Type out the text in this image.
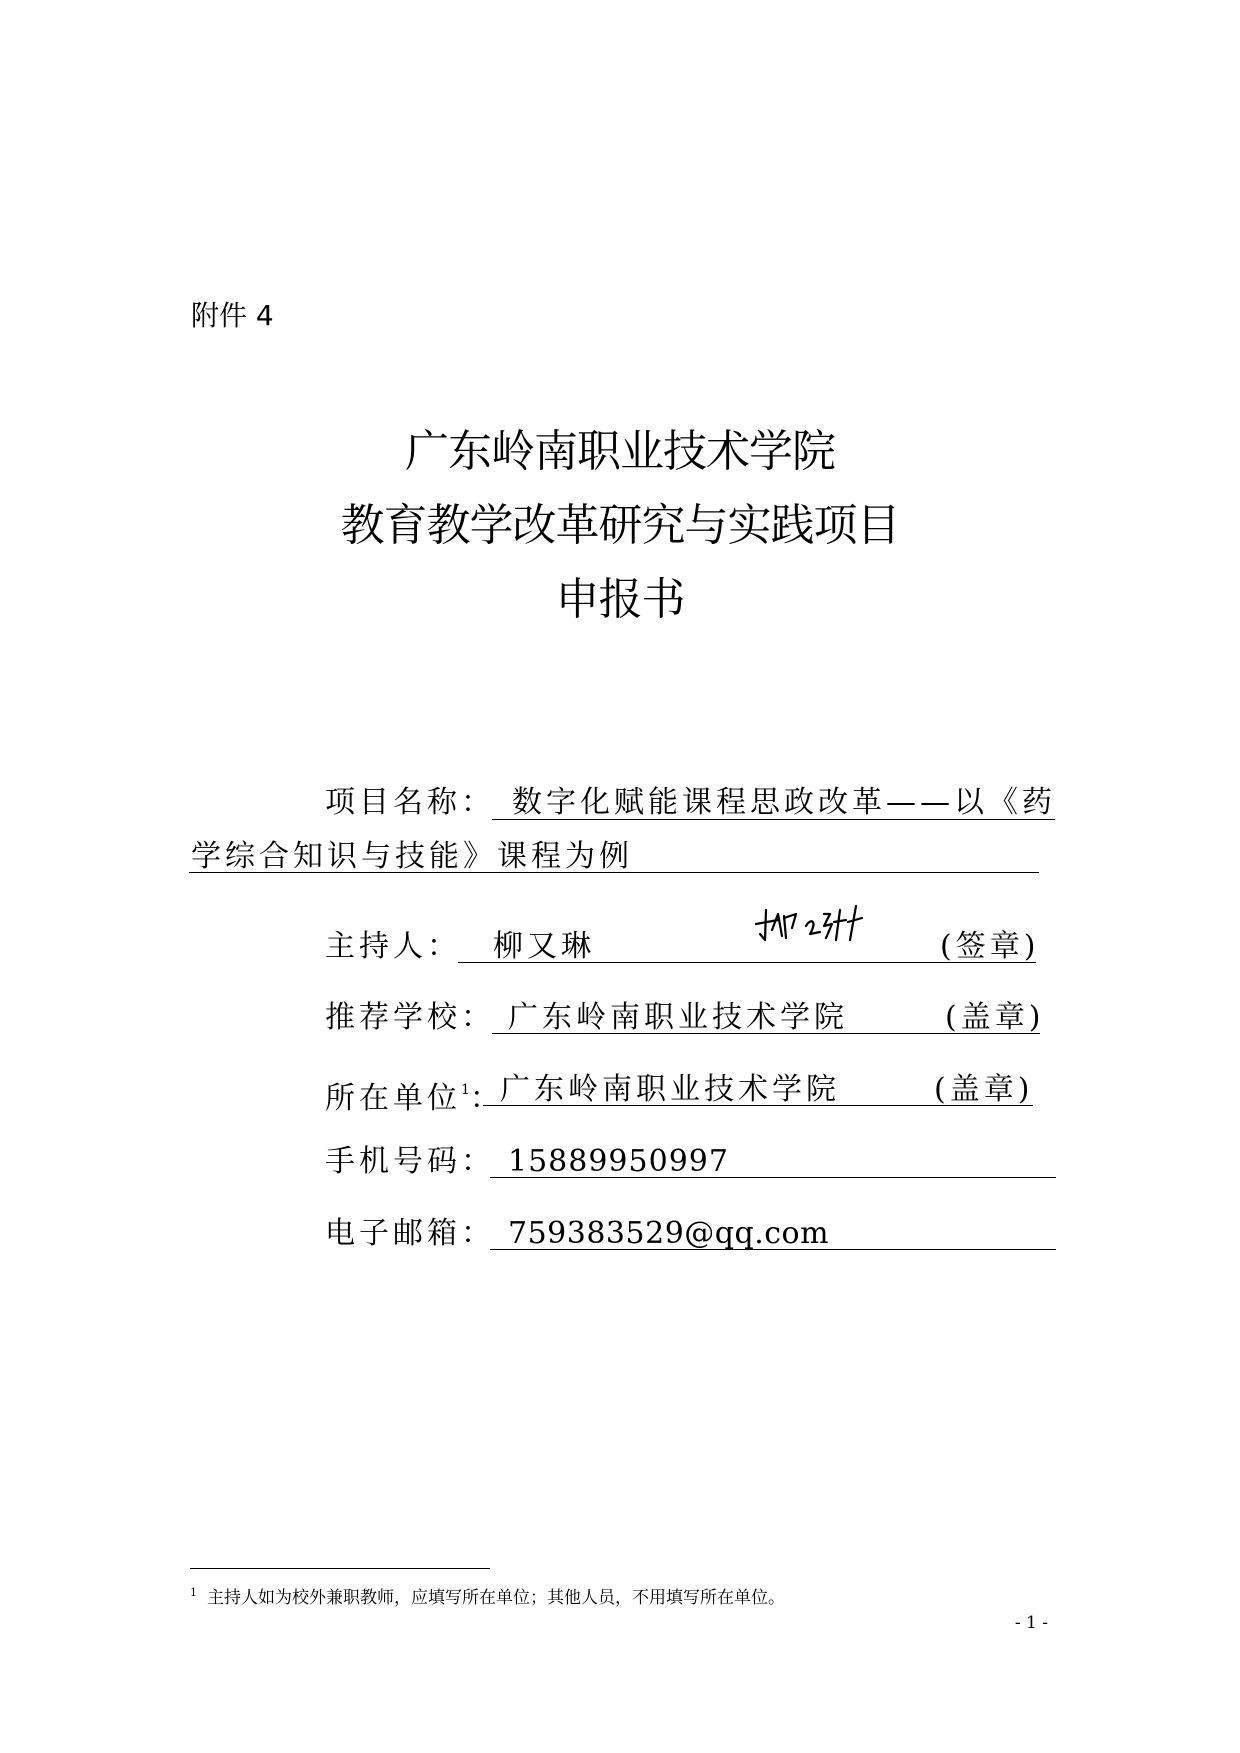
附件 4
广东岭南职业技术学院
教育教学改革研究与实践项目
申报书
项目名称： 数字化赋能课程思政改革——以《药
学综合知识与技能》课程为例
主持人： 柳又琳	(签章)
推荐学校： 广东岭南职业技术学院	(盖章)
所在单位$^1$：
广东岭南职业技术学院	(盖章)
手机号码： 15889950997
电子邮箱： 759383529@qq.com
$^1$ 主持人如为校外兼职教师，应填写所在单位；其他人员，不用填写所在单位。
- 1 -
